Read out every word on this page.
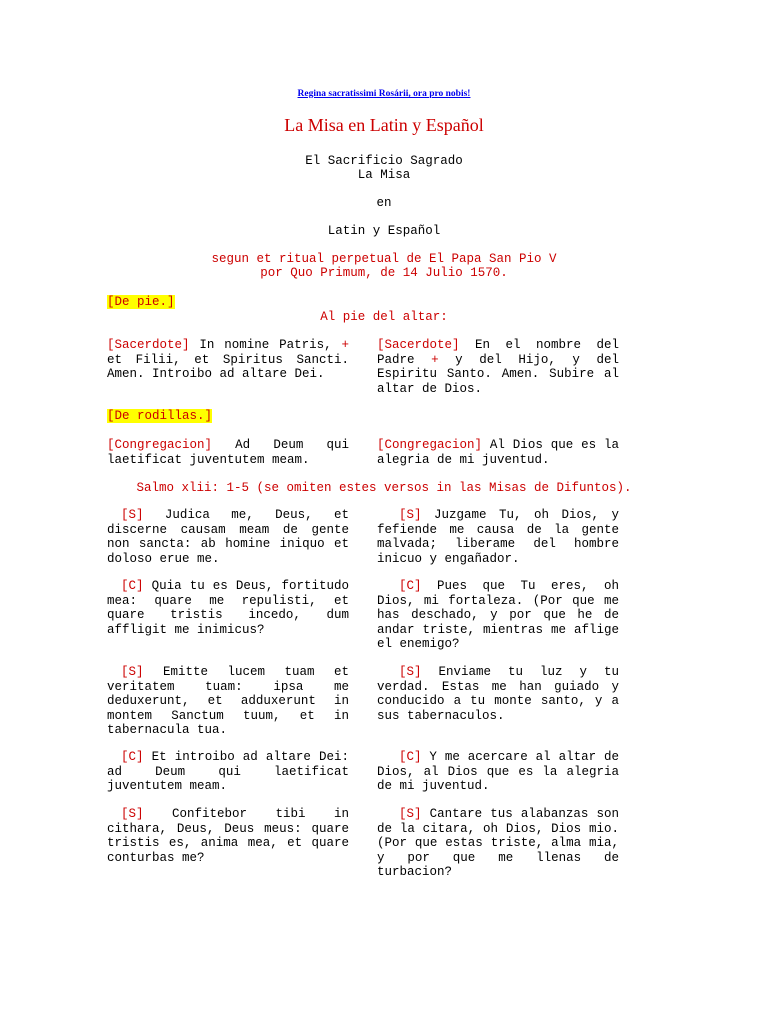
Regina sacratissimi Rosárii, ora pro nobis!
La Misa en Latin y Español
El Sacrificio Sagrado
La Misa
en
Latin y Español
segun et ritual perpetual de El Papa San Pio V
por Quo Primum, de 14 Julio 1570.
[De pie.]
Al pie del altar:
[Sacerdote] In nomine Patris, + et Filii, et Spiritus Sancti. Amen. Introibo ad altare Dei.
[Sacerdote] En el nombre del Padre + y del Hijo, y del Espiritu Santo. Amen. Subire al altar de Dios.
[De rodillas.]
[Congregacion] Ad Deum qui laetificat juventutem meam.
[Congregacion] Al Dios que es la alegria de mi juventud.
Salmo xlii: 1-5 (se omiten estes versos in las Misas de Difuntos).
[S] Judica me, Deus, et discerne causam meam de gente non sancta: ab homine iniquo et doloso erue me.
[S] Juzgame Tu, oh Dios, y fefiende me causa de la gente malvada; liberame del hombre inicuo y engañador.
[C] Quia tu es Deus, fortitudo mea: quare me repulisti, et quare tristis incedo, dum affligit me inimicus?
[C] Pues que Tu eres, oh Dios, mi fortaleza. (Por que me has deschado, y por que he de andar triste, mientras me aflige el enemigo?
[S] Emitte lucem tuam et veritatem tuam: ipsa me deduxerunt, et adduxerunt in montem Sanctum tuum, et in tabernacula tua.
[S] Enviame tu luz y tu verdad. Estas me han guiado y conducido a tu monte santo, y a sus tabernaculos.
[C] Et introibo ad altare Dei: ad Deum qui laetificat juventutem meam.
[C] Y me acercare al altar de Dios, al Dios que es la alegria de mi juventud.
[S] Confitebor tibi in cithara, Deus, Deus meus: quare tristis es, anima mea, et quare conturbas me?
[S] Cantare tus alabanzas son de la citara, oh Dios, Dios mio. (Por que estas triste, alma mia, y por que me llenas de turbacion?
